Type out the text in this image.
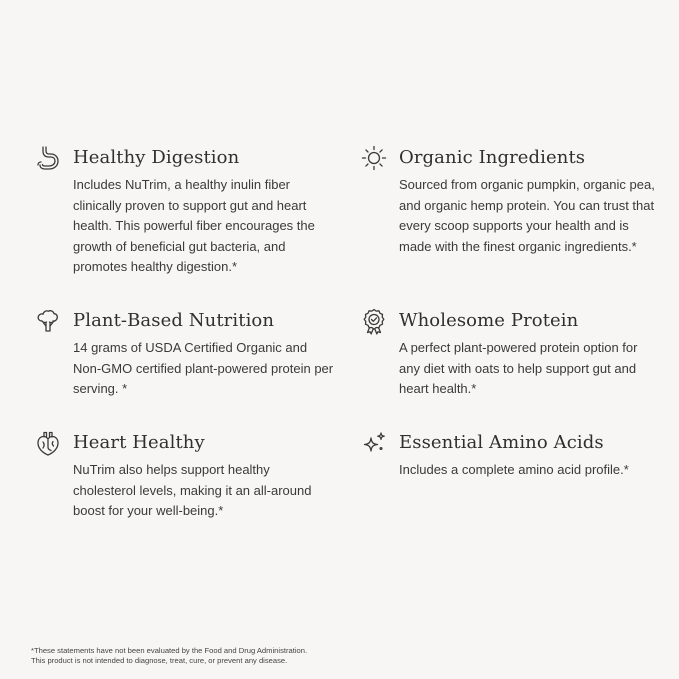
Healthy Digestion

Includes NuTrim, a healthy inulin fiber clinically proven to support gut and heart health. This powerful fiber encourages the growth of beneficial gut bacteria, and promotes healthy digestion.*

Organic Ingredients

Sourced from organic pumpkin, organic pea, and organic hemp protein. You can trust that every scoop supports your health and is made with the finest organic ingredients.*

Plant-Based Nutrition

14 grams of USDA Certified Organic and Non-GMO certified plant-powered protein per serving. *

Wholesome Protein

A perfect plant-powered protein option for any diet with oats to help support gut and heart health.*

Heart Healthy

NuTrim also helps support healthy cholesterol levels, making it an all-around boost for your well-being.*

Essential Amino Acids

Includes a complete amino acid profile.*

*These statements have not been evaluated by the Food and Drug Administration.
This product is not intended to diagnose, treat, cure, or prevent any disease.
